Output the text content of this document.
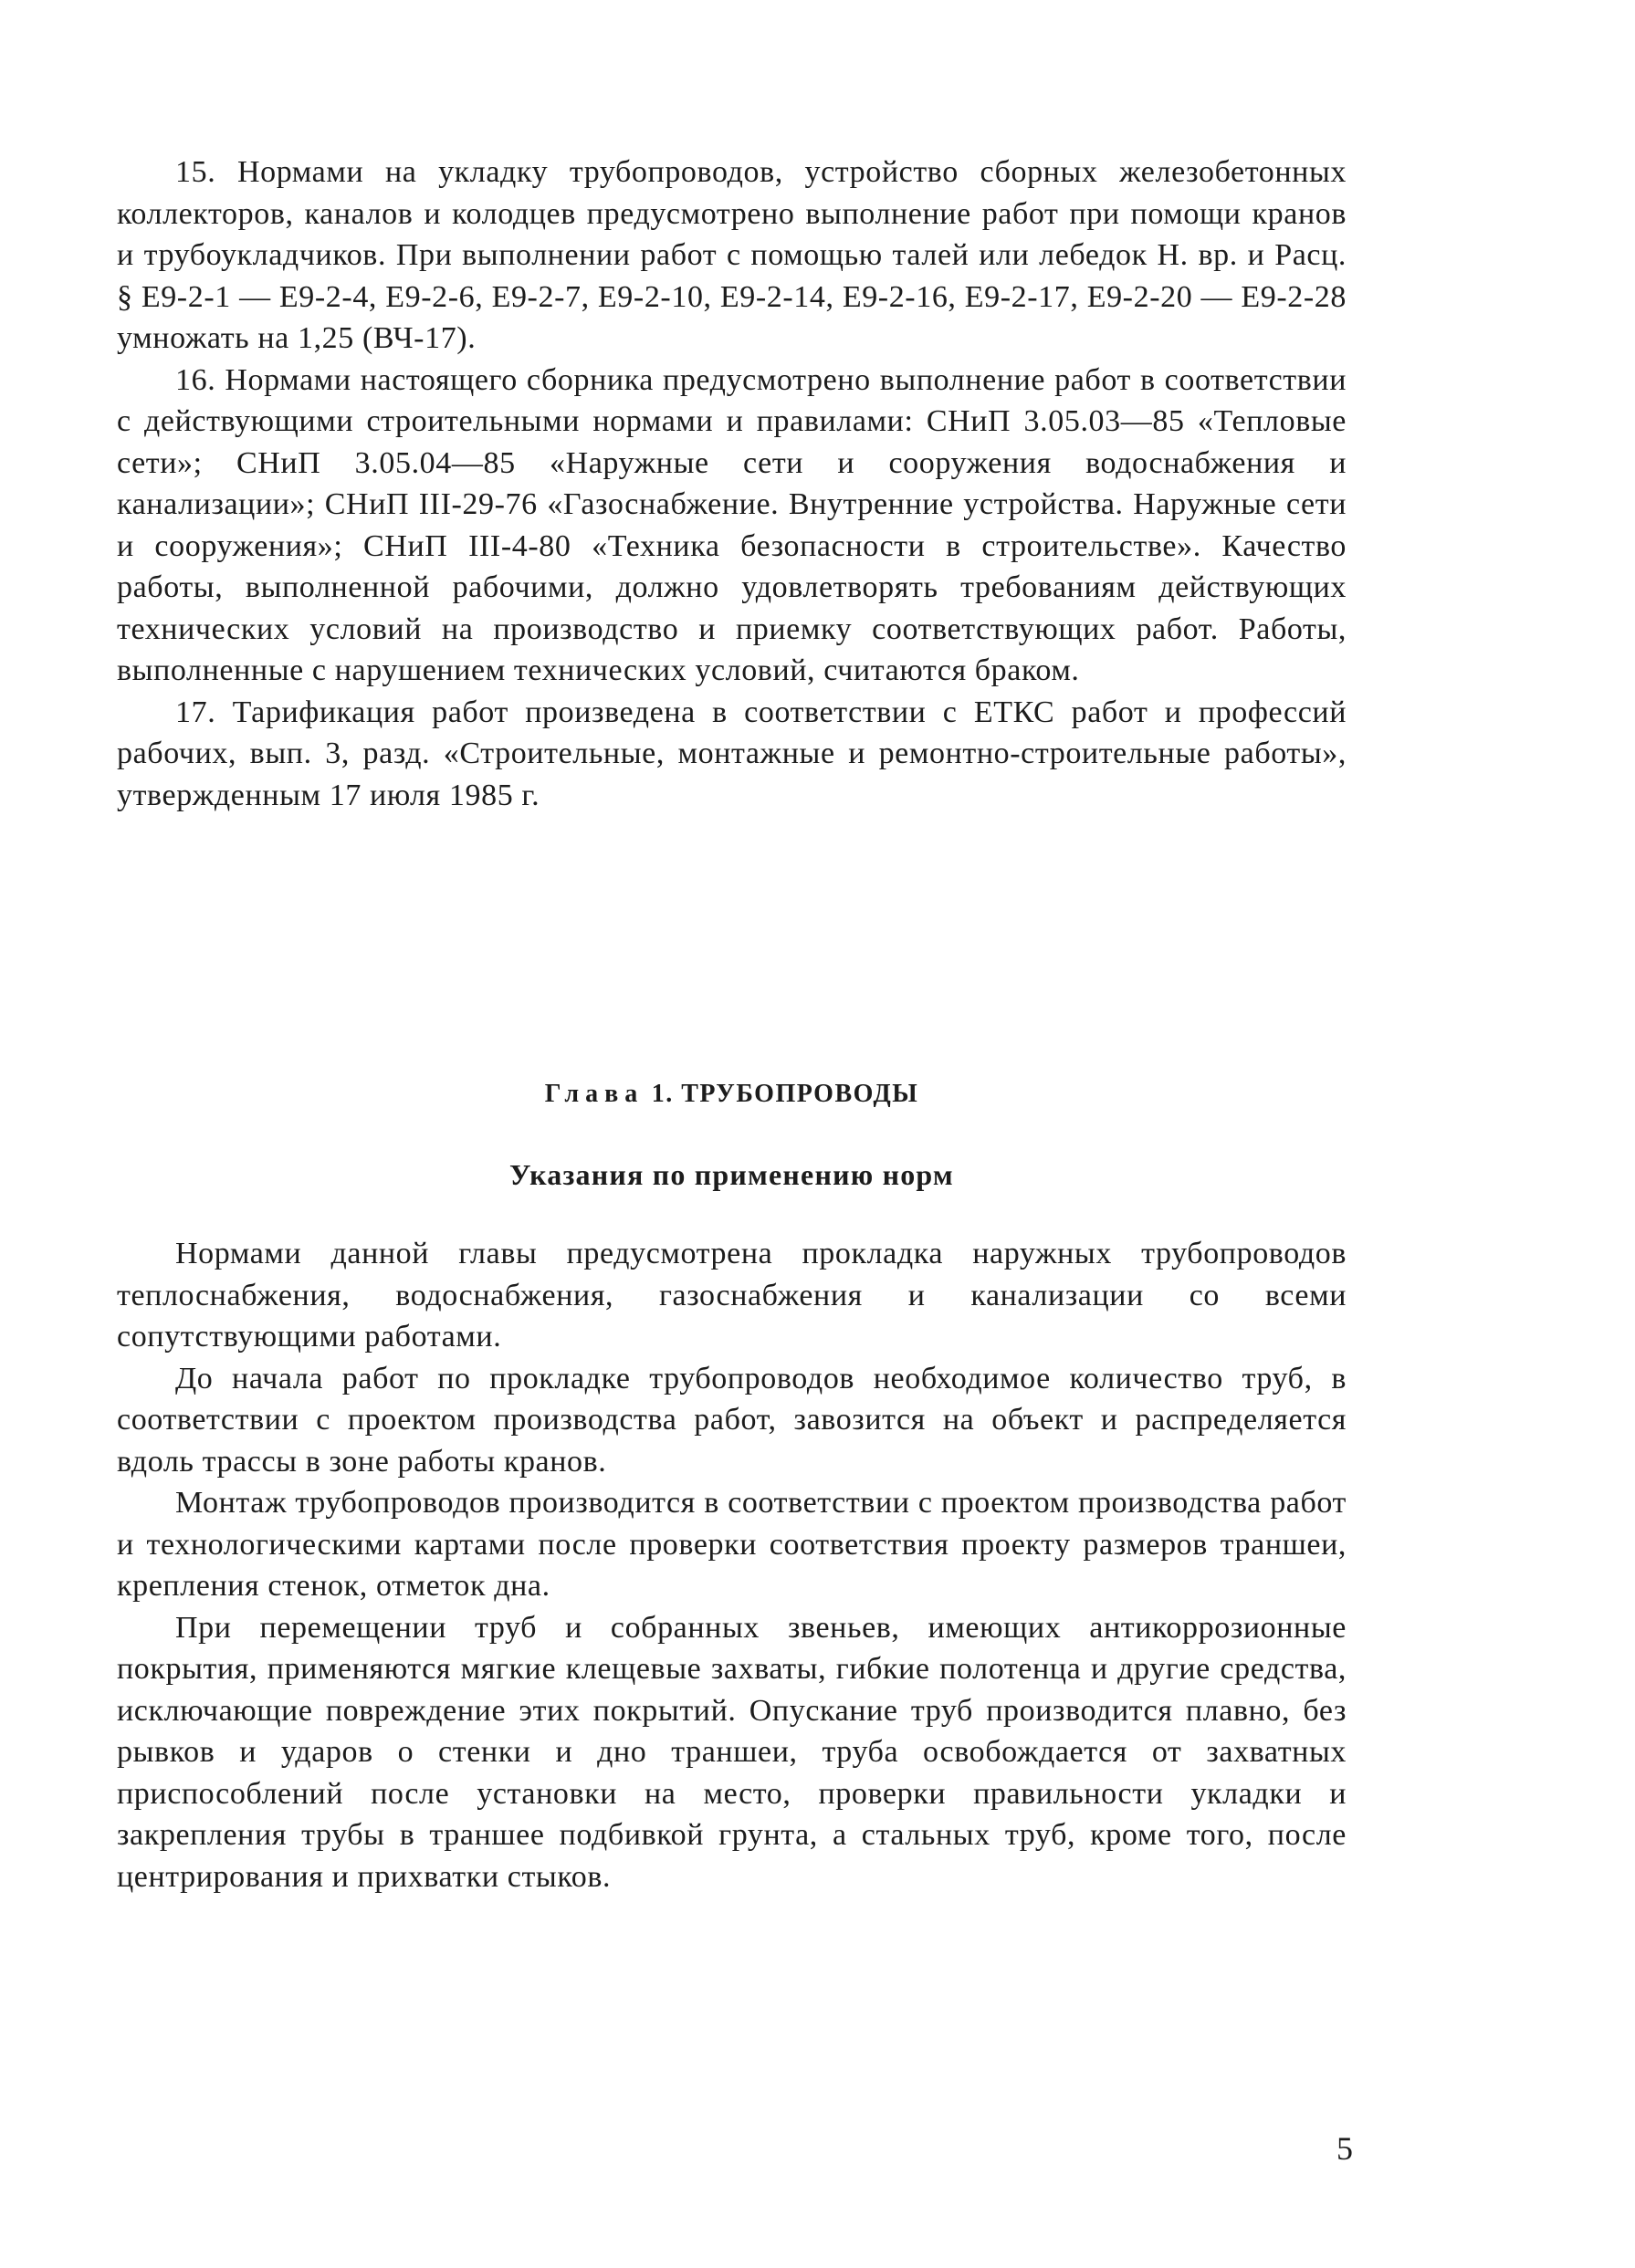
15. Нормами на укладку трубопроводов, устройство сборных железобетонных коллекторов, каналов и колодцев предусмотрено выполнение работ при помощи кранов и трубоукладчиков. При выполнении работ с помощью талей или лебедок Н. вр. и Расц. § Е9-2-1 — Е9-2-4, Е9-2-6, Е9-2-7, Е9-2-10, Е9-2-14, Е9-2-16, Е9-2-17, Е9-2-20 — Е9-2-28 умножать на 1,25 (ВЧ-17).

16. Нормами настоящего сборника предусмотрено выполнение работ в соответствии с действующими строительными нормами и правилами: СНиП 3.05.03—85 «Тепловые сети»; СНиП 3.05.04—85 «Наружные сети и сооружения водоснабжения и канализации»; СНиП III-29-76 «Газоснабжение. Внутренние устройства. Наружные сети и сооружения»; СНиП III-4-80 «Техника безопасности в строительстве». Качество работы, выполненной рабочими, должно удовлетворять требованиям действующих технических условий на производство и приемку соответствующих работ. Работы, выполненные с нарушением технических условий, считаются браком.

17. Тарификация работ произведена в соответствии с ЕТКС работ и профессий рабочих, вып. 3, разд. «Строительные, монтажные и ремонтно-строительные работы», утвержденным 17 июля 1985 г.

Глава 1. ТРУБОПРОВОДЫ
Указания по применению норм

Нормами данной главы предусмотрена прокладка наружных трубопроводов теплоснабжения, водоснабжения, газоснабжения и канализации со всеми сопутствующими работами.

До начала работ по прокладке трубопроводов необходимое количество труб, в соответствии с проектом производства работ, завозится на объект и распределяется вдоль трассы в зоне работы кранов.

Монтаж трубопроводов производится в соответствии с проектом производства работ и технологическими картами после проверки соответствия проекту размеров траншеи, крепления стенок, отметок дна.

При перемещении труб и собранных звеньев, имеющих антикоррозионные покрытия, применяются мягкие клещевые захваты, гибкие полотенца и другие средства, исключающие повреждение этих покрытий. Опускание труб производится плавно, без рывков и ударов о стенки и дно траншеи, труба освобождается от захватных приспособлений после установки на место, проверки правильности укладки и закрепления трубы в траншее подбивкой грунта, а стальных труб, кроме того, после центрирования и прихватки стыков.

5
